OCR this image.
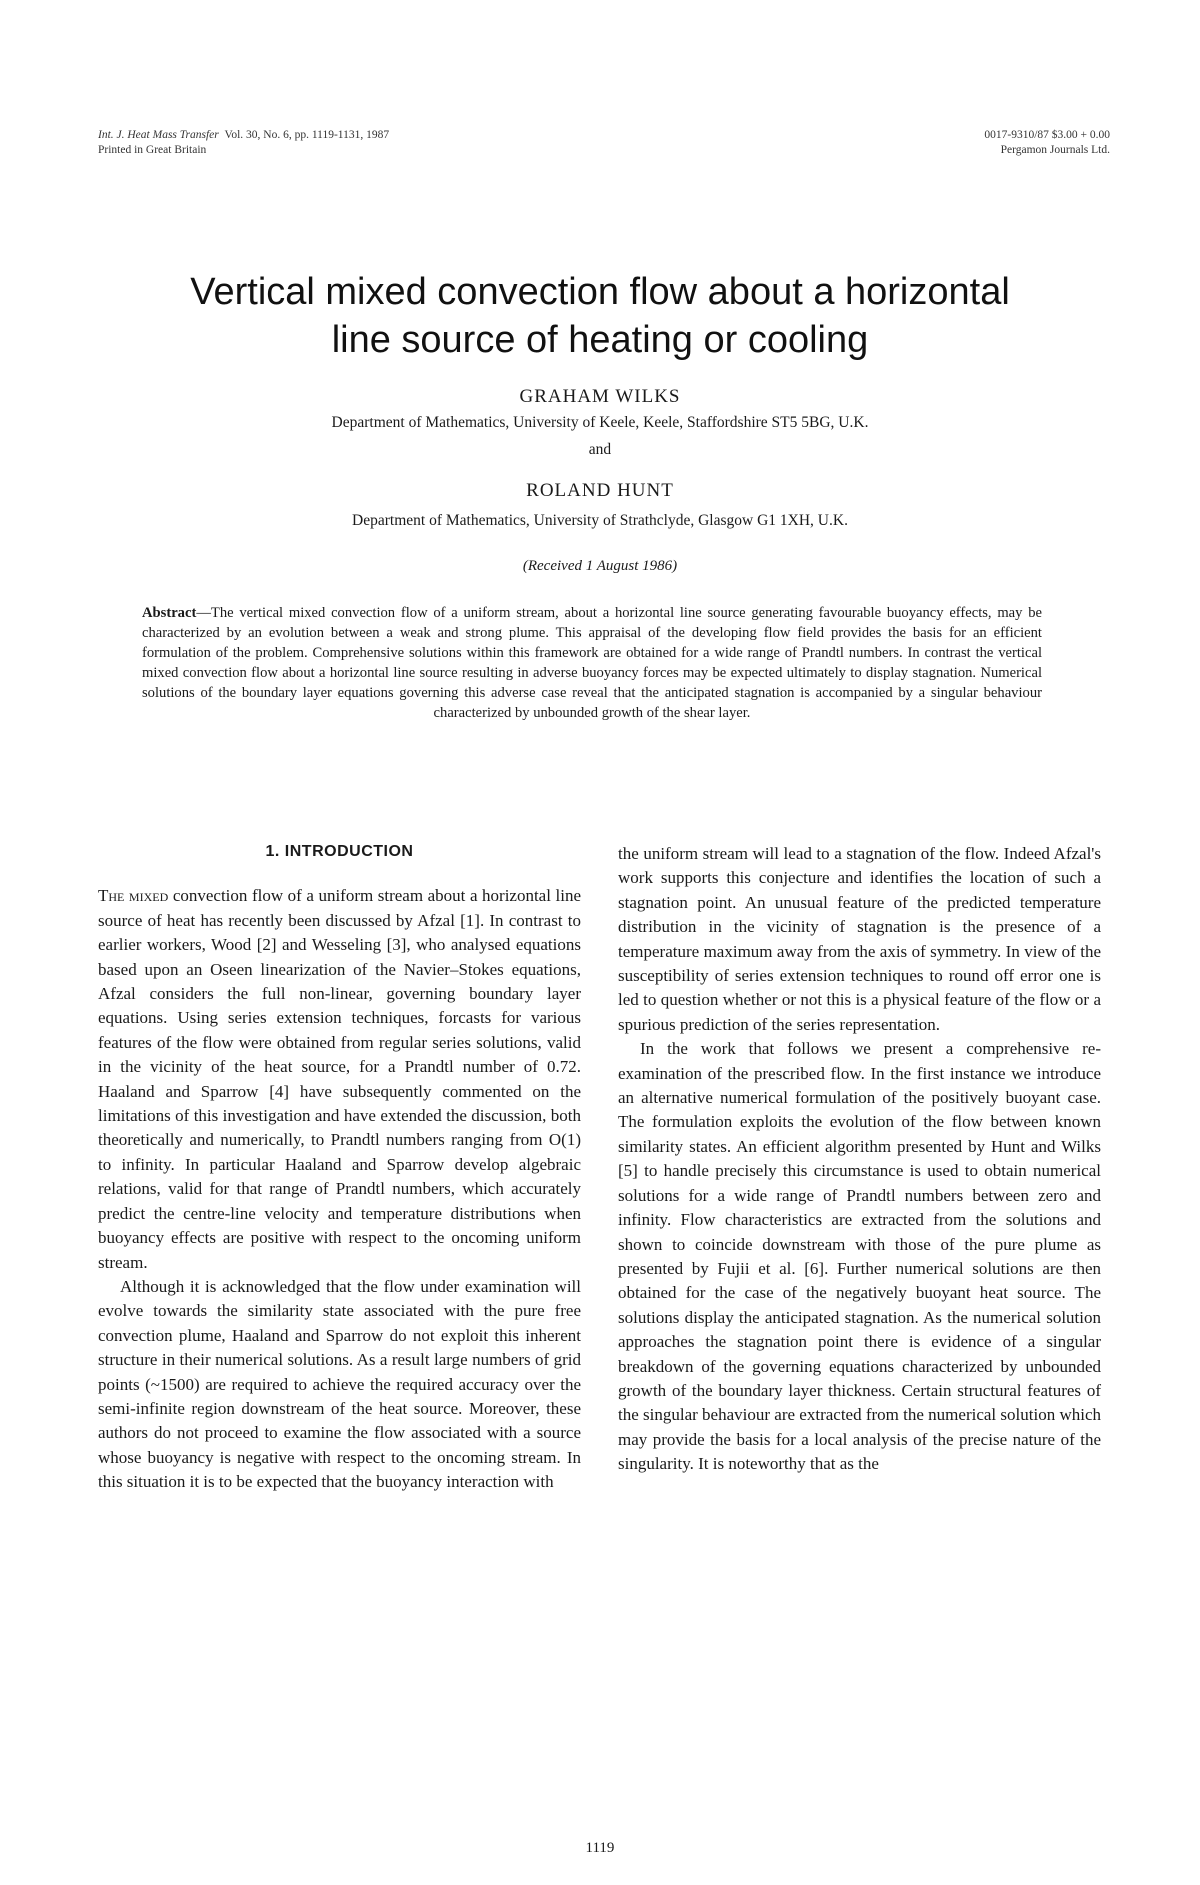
Int. J. Heat Mass Transfer Vol. 30, No. 6, pp. 1119-1131, 1987
Printed in Great Britain
0017-9310/87 $3.00 + 0.00
Pergamon Journals Ltd.
Vertical mixed convection flow about a horizontal
line source of heating or cooling
GRAHAM WILKS
Department of Mathematics, University of Keele, Keele, Staffordshire ST5 5BG, U.K.
and
ROLAND HUNT
Department of Mathematics, University of Strathclyde, Glasgow G1 1XH, U.K.
(Received 1 August 1986)

Abstract—The vertical mixed convection flow of a uniform stream, about a horizontal line source generating favourable buoyancy effects, may be characterized by an evolution between a weak and strong plume. This appraisal of the developing flow field provides the basis for an efficient formulation of the problem. Comprehensive solutions within this framework are obtained for a wide range of Prandtl numbers. In contrast the vertical mixed convection flow about a horizontal line source resulting in adverse buoyancy forces may be expected ultimately to display stagnation. Numerical solutions of the boundary layer equations governing this adverse case reveal that the anticipated stagnation is accompanied by a singular behaviour characterized by unbounded growth of the shear layer.

1. INTRODUCTION

The mixed convection flow of a uniform stream about a horizontal line source of heat has recently been discussed by Afzal [1]. In contrast to earlier workers, Wood [2] and Wesseling [3], who analysed equations based upon an Oseen linearization of the Navier–Stokes equations, Afzal considers the full non-linear, governing boundary layer equations. Using series extension techniques, forcasts for various features of the flow were obtained from regular series solutions, valid in the vicinity of the heat source, for a Prandtl number of 0.72. Haaland and Sparrow [4] have subsequently commented on the limitations of this investigation and have extended the discussion, both theoretically and numerically, to Prandtl numbers ranging from O(1) to infinity. In particular Haaland and Sparrow develop algebraic relations, valid for that range of Prandtl numbers, which accurately predict the centre-line velocity and temperature distributions when buoyancy effects are positive with respect to the oncoming uniform stream.

Although it is acknowledged that the flow under examination will evolve towards the similarity state associated with the pure free convection plume, Haaland and Sparrow do not exploit this inherent structure in their numerical solutions. As a result large numbers of grid points (~1500) are required to achieve the required accuracy over the semi-infinite region downstream of the heat source. Moreover, these authors do not proceed to examine the flow associated with a source whose buoyancy is negative with respect to the oncoming stream. In this situation it is to be expected that the buoyancy interaction with

the uniform stream will lead to a stagnation of the flow. Indeed Afzal's work supports this conjecture and identifies the location of such a stagnation point. An unusual feature of the predicted temperature distribution in the vicinity of stagnation is the presence of a temperature maximum away from the axis of symmetry. In view of the susceptibility of series extension techniques to round off error one is led to question whether or not this is a physical feature of the flow or a spurious prediction of the series representation.

In the work that follows we present a comprehensive re-examination of the prescribed flow. In the first instance we introduce an alternative numerical formulation of the positively buoyant case. The formulation exploits the evolution of the flow between known similarity states. An efficient algorithm presented by Hunt and Wilks [5] to handle precisely this circumstance is used to obtain numerical solutions for a wide range of Prandtl numbers between zero and infinity. Flow characteristics are extracted from the solutions and shown to coincide downstream with those of the pure plume as presented by Fujii et al. [6]. Further numerical solutions are then obtained for the case of the negatively buoyant heat source. The solutions display the anticipated stagnation. As the numerical solution approaches the stagnation point there is evidence of a singular breakdown of the governing equations characterized by unbounded growth of the boundary layer thickness. Certain structural features of the singular behaviour are extracted from the numerical solution which may provide the basis for a local analysis of the precise nature of the singularity. It is noteworthy that as the

1119
